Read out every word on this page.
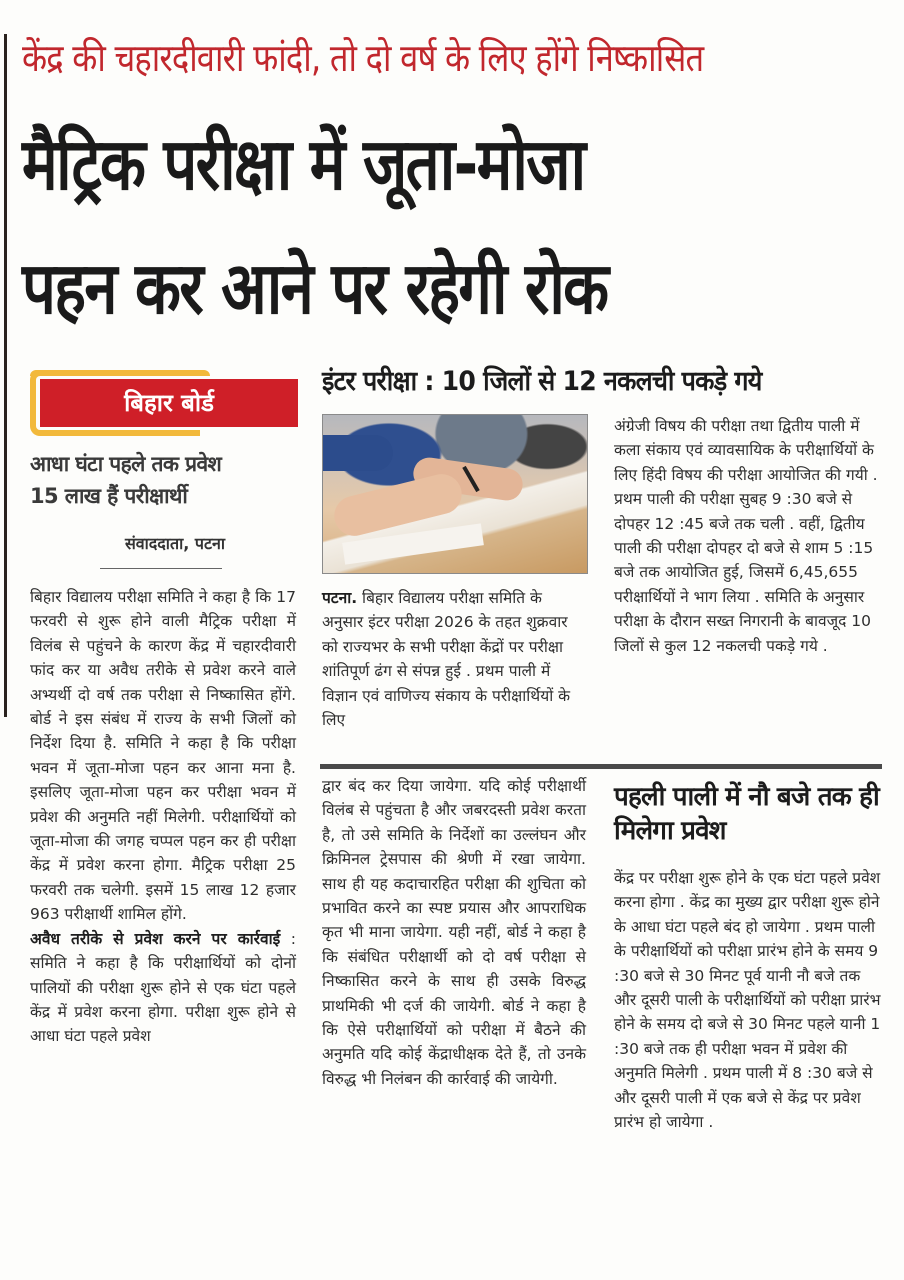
केंद्र की चहारदीवारी फांदी, तो दो वर्ष के लिए होंगे निष्कासित
मैट्रिक परीक्षा में जूता-मोजा
पहन कर आने पर रहेगी रोक
बिहार बोर्ड
आधा घंटा पहले तक प्रवेश
15 लाख हैं परीक्षार्थी
संवाददाता, पटना

बिहार विद्यालय परीक्षा समिति ने कहा है कि 17 फरवरी से शुरू होने वाली मैट्रिक परीक्षा में विलंब से पहुंचने के कारण केंद्र में चहारदीवारी फांद कर या अवैध तरीके से प्रवेश करने वाले अभ्यर्थी दो वर्ष तक परीक्षा से निष्कासित होंगे. बोर्ड ने इस संबंध में राज्य के सभी जिलों को निर्देश दिया है. समिति ने कहा है कि परीक्षा भवन में जूता-मोजा पहन कर आना मना है. इसलिए जूता-मोजा पहन कर परीक्षा भवन में प्रवेश की अनुमति नहीं मिलेगी. परीक्षार्थियों को जूता-मोजा की जगह चप्पल पहन कर ही परीक्षा केंद्र में प्रवेश करना होगा. मैट्रिक परीक्षा 25 फरवरी तक चलेगी. इसमें 15 लाख 12 हजार 963 परीक्षार्थी शामिल होंगे.

अवैध तरीके से प्रवेश करने पर कार्रवाई : समिति ने कहा है कि परीक्षार्थियों को दोनों पालियों की परीक्षा शुरू होने से एक घंटा पहले केंद्र में प्रवेश करना होगा. परीक्षा शुरू होने से आधा घंटा पहले प्रवेश

इंटर परीक्षा : 10 जिलों से 12 नकलची पकड़े गये

पटना. बिहार विद्यालय परीक्षा समिति के अनुसार इंटर परीक्षा 2026 के तहत शुक्रवार को राज्यभर के सभी परीक्षा केंद्रों पर परीक्षा शांतिपूर्ण ढंग से संपन्न हुई . प्रथम पाली में विज्ञान एवं वाणिज्य संकाय के परीक्षार्थियों के लिए

अंग्रेजी विषय की परीक्षा तथा द्वितीय पाली में कला संकाय एवं व्यावसायिक के परीक्षार्थियों के लिए हिंदी विषय की परीक्षा आयोजित की गयी . प्रथम पाली की परीक्षा सुबह 9 :30 बजे से दोपहर 12 :45 बजे तक चली . वहीं, द्वितीय पाली की परीक्षा दोपहर दो बजे से शाम 5 :15 बजे तक आयोजित हुई, जिसमें 6,45,655 परीक्षार्थियों ने भाग लिया . समिति के अनुसार परीक्षा के दौरान सख्त निगरानी के बावजूद 10 जिलों से कुल 12 नकलची पकड़े गये .

द्वार बंद कर दिया जायेगा. यदि कोई परीक्षार्थी विलंब से पहुंचता है और जबरदस्ती प्रवेश करता है, तो उसे समिति के निर्देशों का उल्लंघन और क्रिमिनल ट्रेसपास की श्रेणी में रखा जायेगा. साथ ही यह कदाचारहित परीक्षा की शुचिता को प्रभावित करने का स्पष्ट प्रयास और आपराधिक कृत भी माना जायेगा. यही नहीं, बोर्ड ने कहा है कि संबंधित परीक्षार्थी को दो वर्ष परीक्षा से निष्कासित करने के साथ ही उसके विरुद्ध प्राथमिकी भी दर्ज की जायेगी. बोर्ड ने कहा है कि ऐसे परीक्षार्थियों को परीक्षा में बैठने की अनुमति यदि कोई केंद्राधीक्षक देते हैं, तो उनके विरुद्ध भी निलंबन की कार्रवाई की जायेगी.

पहली पाली में नौ बजे तक ही मिलेगा प्रवेश

केंद्र पर परीक्षा शुरू होने के एक घंटा पहले प्रवेश करना होगा . केंद्र का मुख्य द्वार परीक्षा शुरू होने के आधा घंटा पहले बंद हो जायेगा . प्रथम पाली के परीक्षार्थियों को परीक्षा प्रारंभ होने के समय 9 :30 बजे से 30 मिनट पूर्व यानी नौ बजे तक और दूसरी पाली के परीक्षार्थियों को परीक्षा प्रारंभ होने के समय दो बजे से 30 मिनट पहले यानी 1 :30 बजे तक ही परीक्षा भवन में प्रवेश की अनुमति मिलेगी . प्रथम पाली में 8 :30 बजे से और दूसरी पाली में एक बजे से केंद्र पर प्रवेश प्रारंभ हो जायेगा .
